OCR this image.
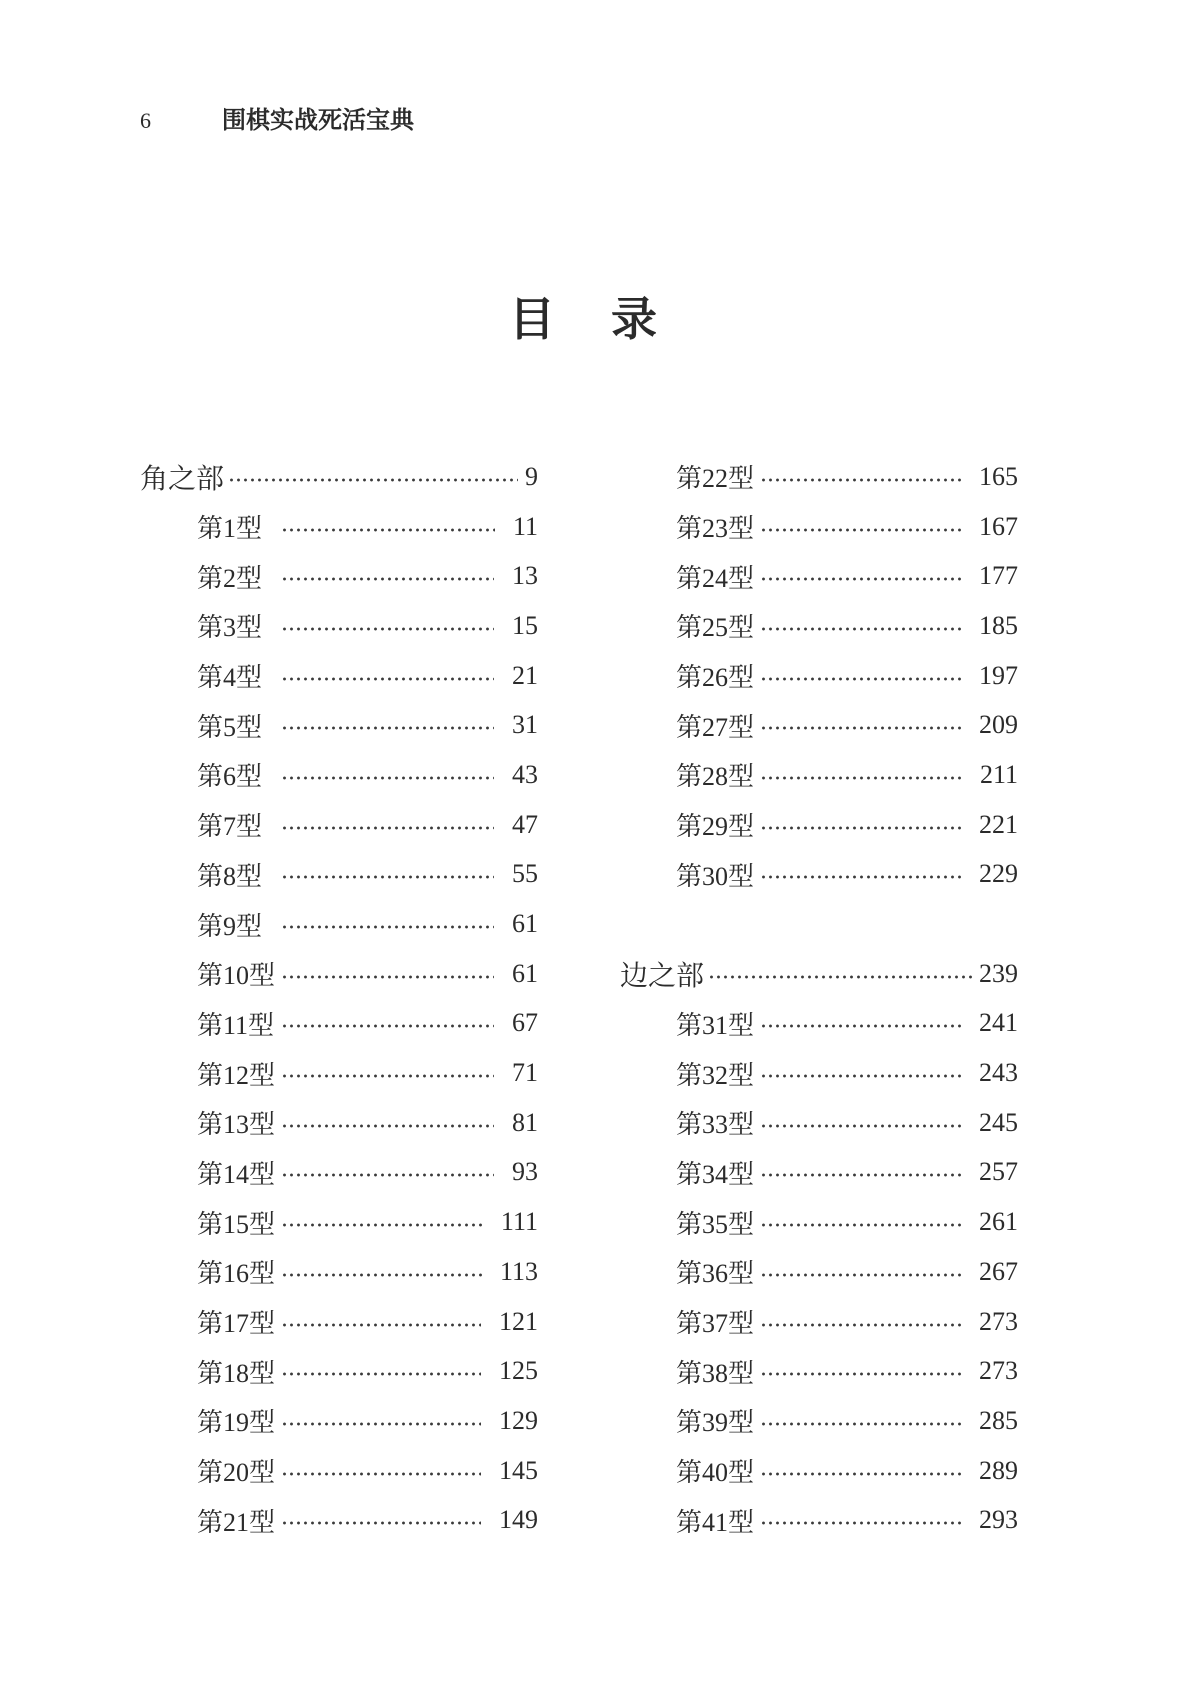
6	围棋实战死活宝典
目 录
角之部	9
第1型	11
第2型	13
第3型	15
第4型	21
第5型	31
第6型	43
第7型	47
第8型	55
第9型	61
第10型	61
第11型	67
第12型	71
第13型	81
第14型	93
第15型	111
第16型	113
第17型	121
第18型	125
第19型	129
第20型	145
第21型	149
第22型	165
第23型	167
第24型	177
第25型	185
第26型	197
第27型	209
第28型	211
第29型	221
第30型	229
边之部	239
第31型	241
第32型	243
第33型	245
第34型	257
第35型	261
第36型	267
第37型	273
第38型	273
第39型	285
第40型	289
第41型	293
